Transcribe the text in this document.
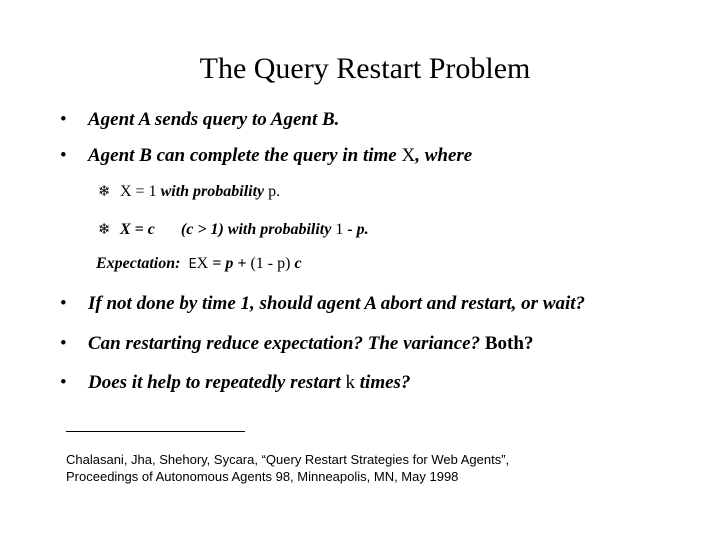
The Query Restart Problem
• Agent A sends query to Agent B.
• Agent B can complete the query in time X, where
❄ X = 1 with probability p.
❄ X = c (c > 1) with probability 1 - p.
Expectation: EX = p + (1 - p) c
• If not done by time 1, should agent A abort and restart, or wait?
• Can restarting reduce expectation? The variance? Both?
• Does it help to repeatedly restart k times?
Chalasani, Jha, Shehory, Sycara, “Query Restart Strategies for Web Agents”,
Proceedings of Autonomous Agents 98, Minneapolis, MN, May 1998
